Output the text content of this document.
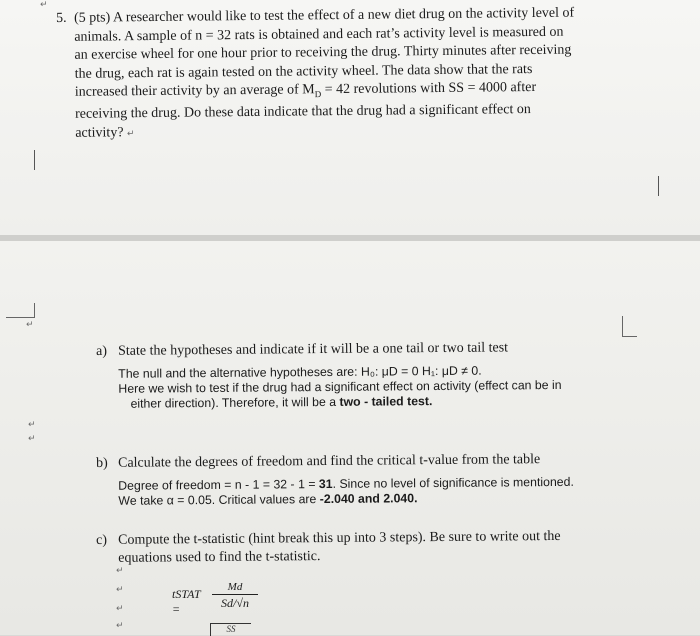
↵
↵
↵
↵
5. (5 pts) A researcher would like to test the effect of a new diet drug on the activity level of
animals. A sample of n = 32 rats is obtained and each rat’s activity level is measured on
an exercise wheel for one hour prior to receiving the drug. Thirty minutes after receiving
the drug, each rat is again tested on the activity wheel. The data show that the rats
increased their activity by an average of $M_D = 42$ revolutions with SS = 4000 after
receiving the drug. Do these data indicate that the drug had a significant effect on
activity? ↵
a) State the hypotheses and indicate if it will be a one tail or two tail test
The null and the alternative hypotheses are: H₀: μD = 0 H₁: μD ≠ 0.
Here we wish to test if the drug had a significant effect on activity (effect can be in
either direction). Therefore, it will be a two - tailed test.
b) Calculate the degrees of freedom and find the critical t-value from the table
Degree of freedom = n - 1 = 32 - 1 = 31. Since no level of significance is mentioned.
We take α = 0.05. Critical values are -2.040 and 2.040.
c) Compute the t-statistic (hint break this up into 3 steps). Be sure to write out the
equations used to find the t-statistic.
↵
↵
↵
↵
tSTAT =	$\frac{Md}{Sd/√n}$
SS
